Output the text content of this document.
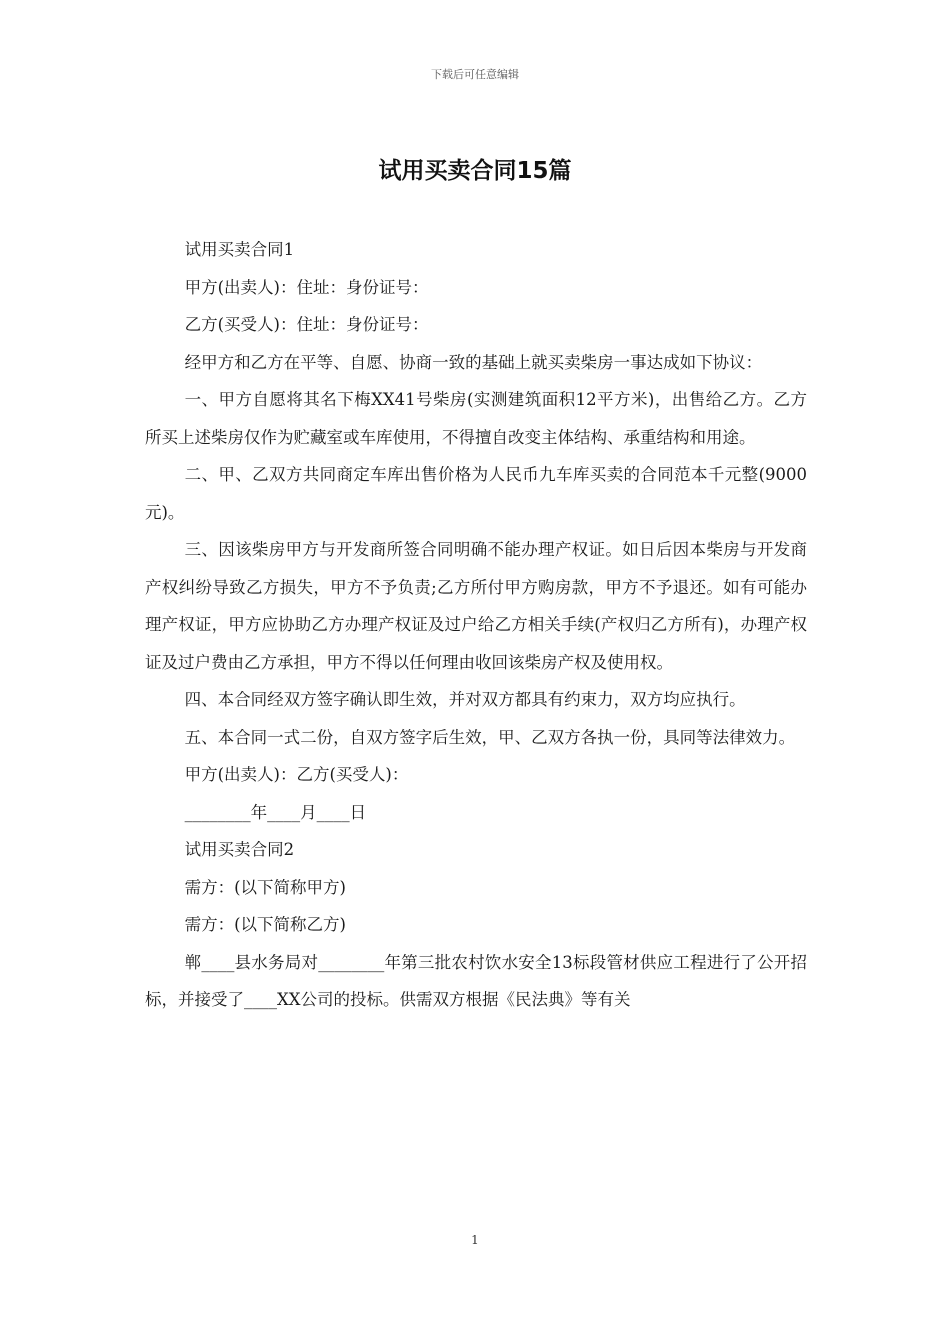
下载后可任意编辑
试用买卖合同15篇

试用买卖合同1

甲方(出卖人)：住址：身份证号：

乙方(买受人)：住址：身份证号：

经甲方和乙方在平等、自愿、协商一致的基础上就买卖柴房一事达成如下协议：

一、甲方自愿将其名下梅XX41号柴房(实测建筑面积12平方米)，出售给乙方。乙方所买上述柴房仅作为贮藏室或车库使用，不得擅自改变主体结构、承重结构和用途。

二、甲、乙双方共同商定车库出售价格为人民币九车库买卖的合同范本千元整(9000元)。

三、因该柴房甲方与开发商所签合同明确不能办理产权证。如日后因本柴房与开发商产权纠纷导致乙方损失，甲方不予负责;乙方所付甲方购房款，甲方不予退还。如有可能办理产权证，甲方应协助乙方办理产权证及过户给乙方相关手续(产权归乙方所有)，办理产权证及过户费由乙方承担，甲方不得以任何理由收回该柴房产权及使用权。

四、本合同经双方签字确认即生效，并对双方都具有约束力，双方均应执行。

五、本合同一式二份，自双方签字后生效，甲、乙双方各执一份，具同等法律效力。

甲方(出卖人)：乙方(买受人)：

________年____月____日

试用买卖合同2

需方：(以下简称甲方)

需方：(以下简称乙方)

郸____县水务局对________年第三批农村饮水安全13标段管材供应工程进行了公开招标，并接受了____XX公司的投标。供需双方根据《民法典》等有关

1
